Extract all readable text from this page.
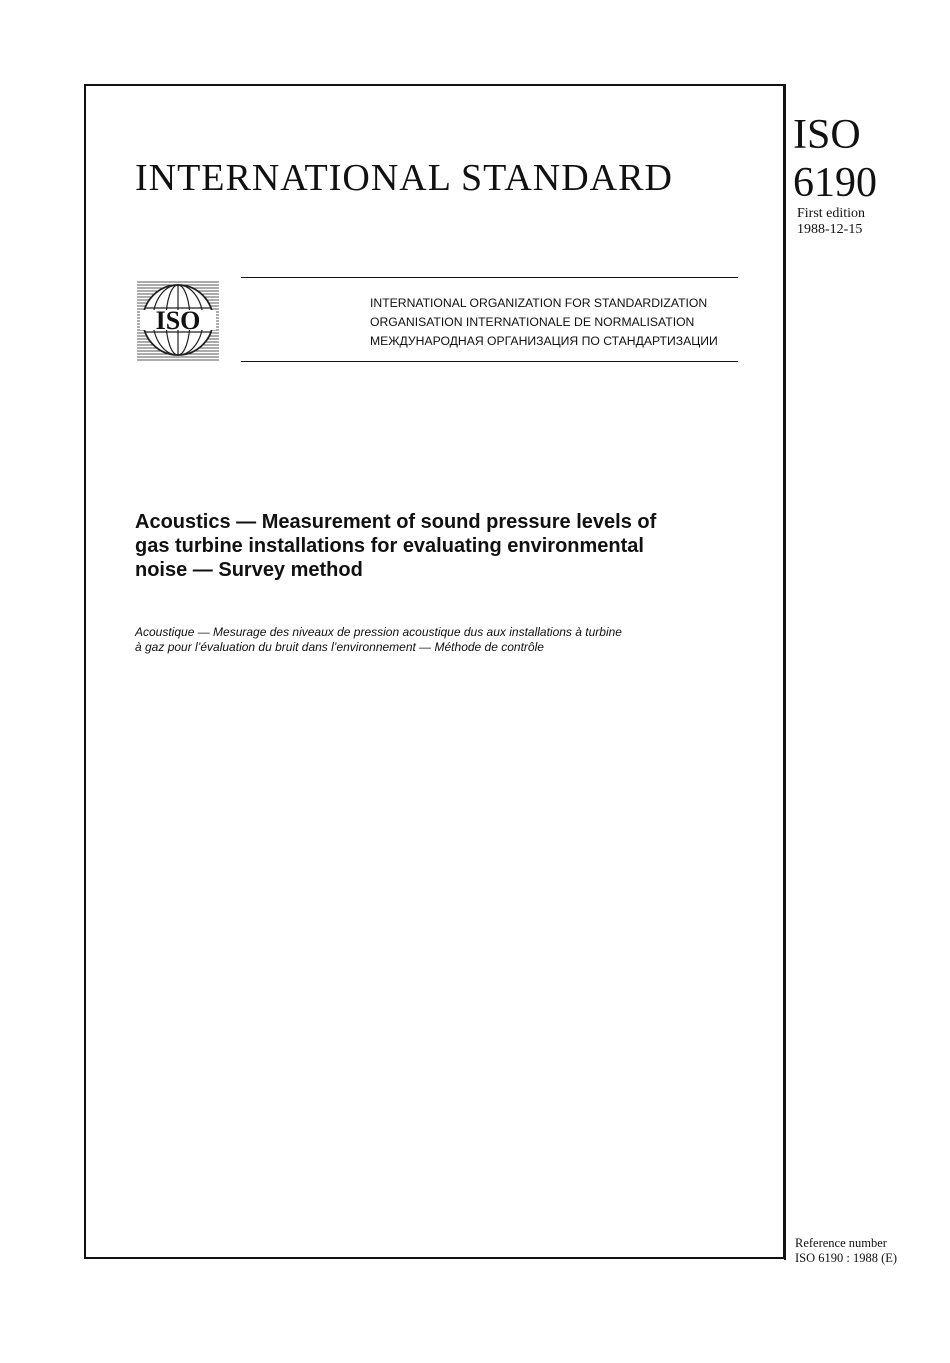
INTERNATIONAL STANDARD
ISO
6190
First edition
1988-12-15
ISO
INTERNATIONAL ORGANIZATION FOR STANDARDIZATION
ORGANISATION INTERNATIONALE DE NORMALISATION
МЕЖДУНАРОДНАЯ ОРГАНИЗАЦИЯ ПО СТАНДАРТИЗАЦИИ
Acoustics — Measurement of sound pressure levels of
gas turbine installations for evaluating environmental
noise — Survey method

Acoustique — Mesurage des niveaux de pression acoustique dus aux installations à turbine
à gaz pour l’évaluation du bruit dans l’environnement — Méthode de contrôle

Reference number
ISO 6190 : 1988 (E)
